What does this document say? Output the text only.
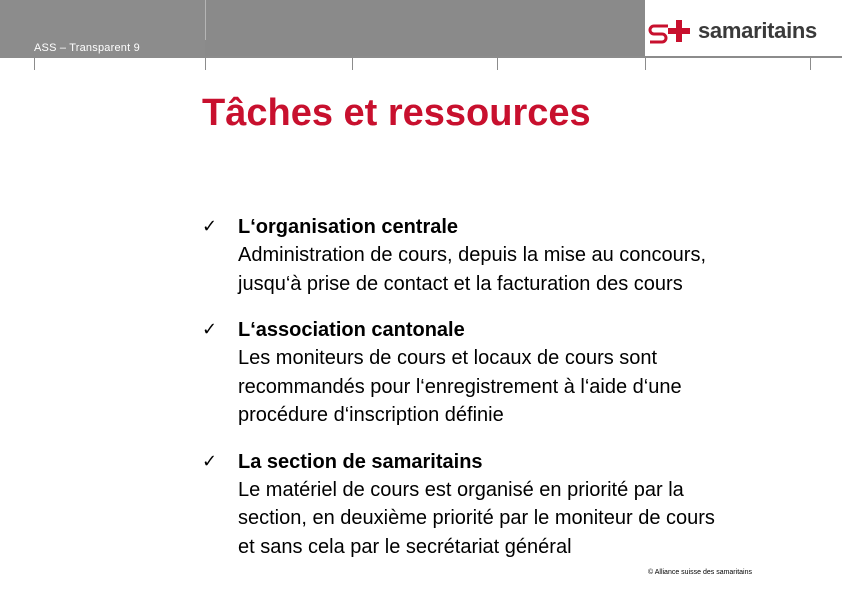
ASS – Transparent 9
samaritains
Tâches et ressources
✓ L‘organisation centrale
Administration de cours, depuis la mise au concours,
jusqu‘à prise de contact et la facturation des cours
✓ L‘association cantonale
Les moniteurs de cours et locaux de cours sont
recommandés pour l‘enregistrement à l‘aide d‘une
procédure d‘inscription définie
✓ La section de samaritains
Le matériel de cours est organisé en priorité par la
section, en deuxième priorité par le moniteur de cours
et sans cela par le secrétariat général
© Alliance suisse des samaritains
